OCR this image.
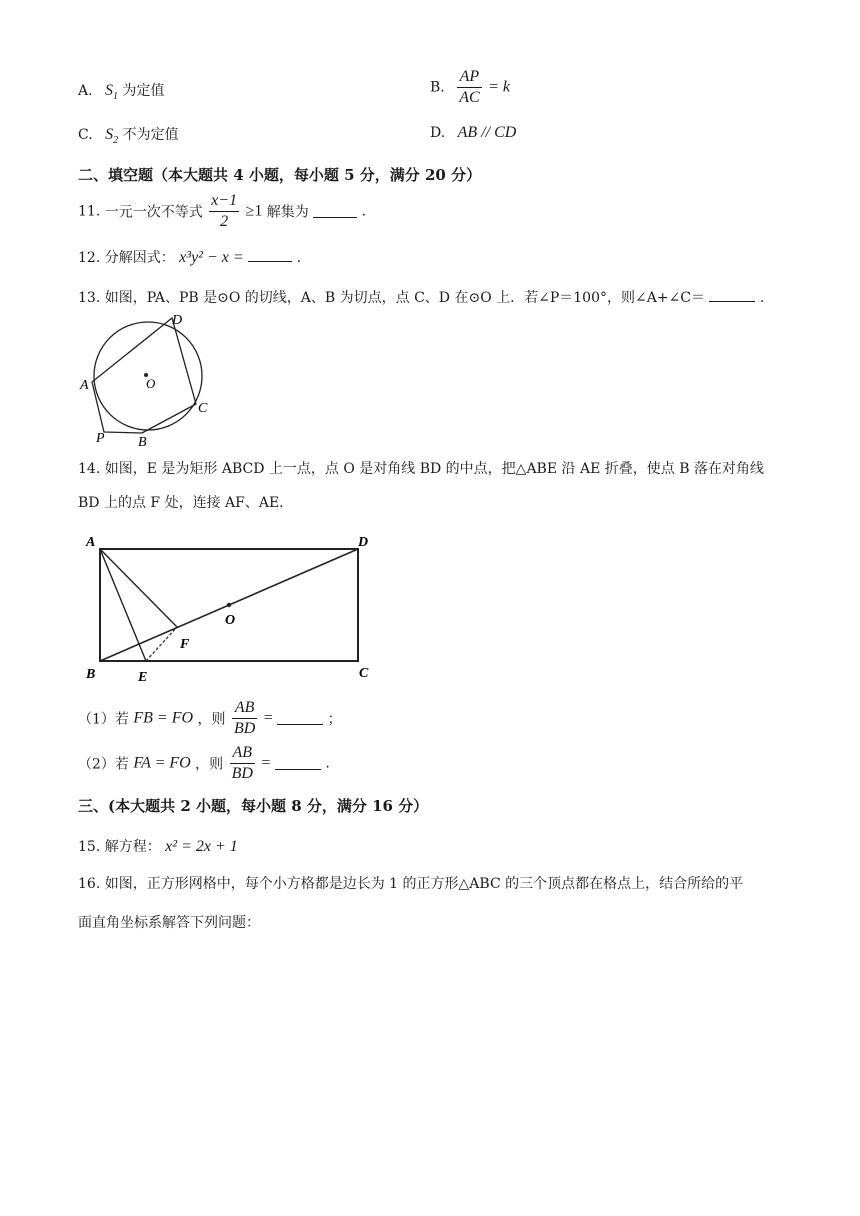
A. $S_1$ 为定值	B. $\frac{AP}{AC} = k$
C. $S_2$ 不为定值	D. AB // CD
二、填空题（本大题共 4 小题，每小题 5 分，满分 20 分）
11. 一元一次不等式 $\frac{x-1}{2} \ge 1$ 解集为	.
12. 分解因式： x³y² − x =	.
13. 如图，PA、PB 是⊙O 的切线，A、B 为切点，点 C、D 在⊙O 上．若∠P＝100°，则∠A+∠C＝	.
A
D
O
C
P B
14. 如图，E 是为矩形 ABCD 上一点，点 O 是对角线 BD 的中点，把△ABE 沿 AE 折叠，使点 B 落在对角线
BD 上的点 F 处，连接 AF、AE.
A	D
O
F
B	E	C
（1）若 FB = FO ，则 $\frac{AB}{BD}$ =	；
（2）若 FA = FO ，则 $\frac{AB}{BD}$ =	.
三、(本大题共 2 小题，每小题 8 分，满分 16 分）
15. 解方程： x² = 2x + 1
16. 如图，正方形网格中，每个小方格都是边长为 1 的正方形△ABC 的三个顶点都在格点上，结合所给的平
面直角坐标系解答下列问题：
